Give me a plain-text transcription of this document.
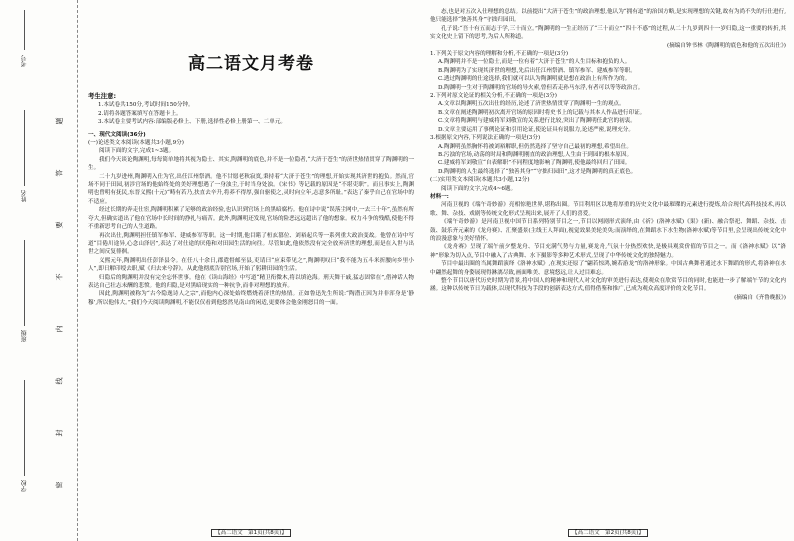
学校
班级
姓名
考号
密
封
线
内
不
要
答
题
高二语文月考卷
考生注意:

1.本试卷共150分,考试时间150分钟。

2.请将各题答案填写在答题卡上。

3.本试卷主要考试内容:部编版必修上、下册,选择性必修上册第一、二单元。

一、现代文阅读(36分)

(一)论述类文本阅读(本题共3小题,9分)

阅读下面的文字,完成1~3题。

我们今天谈论陶渊明,每每简单地将其视为隐士、其实,陶渊明的底色,并不是一位隐者,“大济于苍生”的济世热情贯穿了陶渊明的一生。

二十九岁进州,陶渊明入仕为官,出任江州祭酒。他不甘愿老秋寂寞,秉持着“大济于苍生”的理想,开始实现其济世的抱负。然而,官场不同于田园,初涉官场的他始终处的美好理想遇了一身浊尘,于时当身处浊。《宋书》等记载的原因是“不堪吏职”。而且事实上,陶渊明也曾明有抚民,东晋义熙(十元)“畴有若乃,扶直去辛升,将养不得厚,强自驱使之,灵时向立年,志意多所耻。”表达了秦乎自己在官场中的不适应。

经过长期的奔走仕宦,陶渊明积累了足够的政治经验,也认识到官场上的黑暗腐朽。他在诗中说“误落尘网中,一去三十年”,虽然有所夸大,但确实道出了他在官场中长时间的挣扎与痛苦。此外,陶渊明还发现,官场的险恶远远超出了他的想象。权力斗争的残酷,使他不得不重新思考自己的人生道路。

再次出仕,陶渊明担任镇军参军、建威参军等职。这一时期,他目睹了桓玄篡位、刘裕起兵等一系列重大政治变故。他曾在诗中写道“目倦川途异,心念山泽居”,表达了对仕途的厌倦和对田园生活的向往。尽管如此,他依然没有完全放弃济世的理想,而是在入世与出世之间反复徘徊。

义熙元年,陶渊明出任彭泽县令。在任八十余日,郡遣督邮至县,吏请曰“应束带见之”,陶渊明叹曰“我不能为五斗米折腰向乡里小人”,即日解印绶去职,赋《归去来兮辞》。从此他彻底告别官场,开始了躬耕田园的生活。

归隐后的陶渊明并没有完全忘怀世事。他在《读山海经》中写道“精卫衔微木,将以填沧海。刑天舞干戚,猛志固常在”,借神话人物表达自己壮志未酬的悲愤。他的归隐,是对黑暗现实的一种抗争,而非对理想的放弃。

因此,陶渊明被称为“古今隐逸诗人之宗”,而他内心深处始终燃烧着济世的热情。正如鲁迅先生所说:“陶潜正因为并非浑身是‘静穆’,所以他伟大。”我们今天阅读陶渊明,不能仅仅看到他悠然见南山的闲适,更要体会他金刚怒目的一面。

【高二语文　第1页(共8页)】

态,也是对五次入仕理想的总结。以前提出“大济于苍生”的政治理想,他认为“拥有道”的治国方略,是实现理想的关键,故有为尚不失的行仕进行,他只能选择“独善其身”守拙归园田。

孔子说:“吾十有五而志于学,三十而立。”陶渊明的一生正经历了“三十而立”“四十不惑”的过程,从二十九岁到四十一岁归隐,这一重要的转折,其实文化史上留下的思考,为后人所称道。

(摘编自钟书林《陶渊明的底色和他的五次出仕》)

1.下列关于原文内容的理解和分析,不正确的一项是(3分)

A.陶渊明并不是一位隐士,而是一位有着“大济于苍生”的人生目标和抱负的人。

B.陶渊明为了实现其济世的理想,先后出任江州祭酒、镇军参军、建威参军等职。

C.透过陶渊明的仕途选择,我们就可以认为陶渊明就是想在政治上有所作为的。

D.陶渊明一生对于陶渊明的官场的导火索,曾但若走孙马东浮,有者可以等等政治言。

2.下列对原文论证的相关分析,不正确的一项是(3分)

A.文章以陶渊明五次出仕的经历,论述了济世热情贯穿了陶渊明一生的观点。

B.文章在阐述陶渊明初次离开官场的原因时将史书上的记载与其本人作品进行印证。

C.文章将陶渊明与建威将军刘敬宣的关系进行比较,突出了陶渊明任此官的初衷。

D.文章主要运用了事例论证和引用论证,使论证具有说服力,论述严密,说理充分。

3.根据原文内容,下列说法正确的一项是(3分)

A.陶渊明虽然胸怀将被刘裕解职,但仍然选择了坚守自己最初的理想,希望出仕。

B.污浊的官场,动荡的时局和陶渊明刚直的政治理想,人生由于到园的根本原因。

C.建威将军刘敬宣“自表解职”不同程度地影响了陶渊明,使他最终回归了田园。

D.陶渊明的人生最终选择了“独善其身”“守拙归园田”,这才是陶渊明的真正底色。

(二)实用类文本阅读(本题共3小题,12分)

阅读下面的文字,完成4~6题。

材料一:

河南卫视的《端午奇妙游》亮相惊艳世界,堪称出圈。节目利用区以地将厚重的历史文化中最璀璨的元素进行提炼,给合现代高科技技术,再以歌、舞、杂技、戏剧等传统文化形式呈现出来,展开了人们的喜爱。

《端午奇妙游》是河南卫视中国节日系列特别节目之一,节目以网剧形式演绎,由《祈》(洛神水赋)《果》(新)、融合祭祀、舞蹈、杂技、击鼓、鼓乐齐元素的《龙舟赛》、汇聚盛景(主线王人拜面),视觉效果美轮美奂;而演绎的,在舞蹈水下水生物(洛神水赋)等节目里,会呈现出传统文化中的浪漫意象与美好情怀。

《龙舟赛》呈现了端午前夕整龙舟、节目充满气势与力量,赛龙舟,气氛十分热烈欢快,是极具观赏价值的节目之一。而《洛神水赋》以“洛神”形象为切入点,节目中融入了古典舞、水下摄影等多种艺术形式,呈现了中华传统文化的独特魅力。

节目中最出圈的当属舞蹈演绎《洛神水赋》,在现实还原了“翩若惊鸿,婉若游龙”的洛神形象。中国古典舞者通过水下舞蹈的形式,将洛神在水中翩然起舞的身姿展现得淋漓尽致,画面唯美、意境悠远,让人过目难忘。

整个节目以唐代历史时期为背景,将中国人的精神和现代人对文化的审美进行表达,使观众在欣赏节目的同时,也能进一步了解端午节的文化内涵。这种以传统节日为载体,以现代科技为手段的创新表达方式,值得借鉴和推广,已成为观众高度评价的文化节目。

(摘编自《齐鲁晚报》)

【高二语文　第2页(共8页)】
